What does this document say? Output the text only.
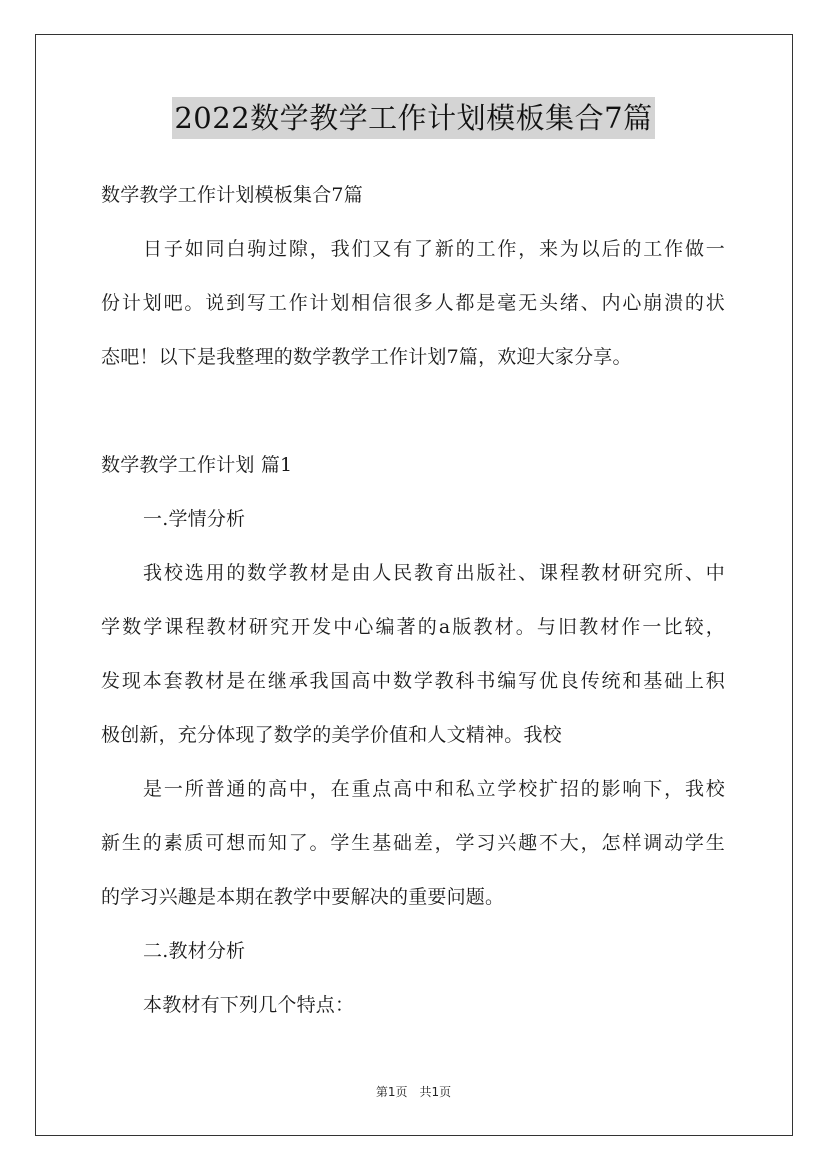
2022数学教学工作计划模板集合7篇
数学教学工作计划模板集合7篇
日子如同白驹过隙，我们又有了新的工作，来为以后的工作做一
份计划吧。说到写工作计划相信很多人都是毫无头绪、内心崩溃的状
态吧！以下是我整理的数学教学工作计划7篇，欢迎大家分享。
数学教学工作计划 篇1
一.学情分析
我校选用的数学教材是由人民教育出版社、课程教材研究所、中
学数学课程教材研究开发中心编著的a版教材。与旧教材作一比较，
发现本套教材是在继承我国高中数学教科书编写优良传统和基础上积
极创新，充分体现了数学的美学价值和人文精神。我校
是一所普通的高中，在重点高中和私立学校扩招的影响下，我校
新生的素质可想而知了。学生基础差，学习兴趣不大，怎样调动学生
的学习兴趣是本期在教学中要解决的重要问题。
二.教材分析
本教材有下列几个特点：
第1页　共1页
